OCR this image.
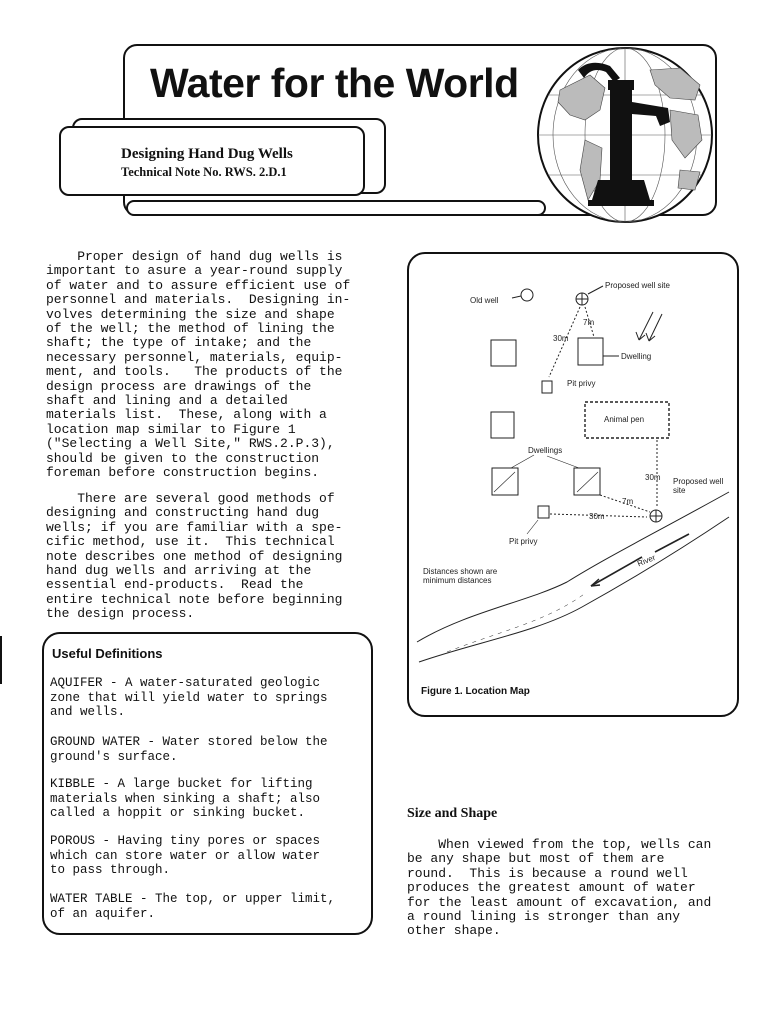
Water for the World
Designing Hand Dug Wells
Technical Note No. RWS. 2.D.1
Proper design of hand dug wells is
important to asure a year-round supply
of water and to assure efficient use of
personnel and materials.  Designing in-
volves determining the size and shape
of the well; the method of lining the
shaft; the type of intake; and the
necessary personnel, materials, equip-
ment, and tools.   The products of the
design process are drawings of the
shaft and lining and a detailed
materials list.  These, along with a
location map similar to Figure 1
("Selecting a Well Site," RWS.2.P.3),
should be given to the construction
foreman before construction begins.
There are several good methods of
designing and constructing hand dug
wells; if you are familiar with a spe-
cific method, use it.  This technical
note describes one method of designing
hand dug wells and arriving at the
essential end-products.  Read the
entire technical note before beginning
the design process.
Useful Definitions
AQUIFER - A water-saturated geologic
zone that will yield water to springs
and wells.
GROUND WATER - Water stored below the
ground's surface.
KIBBLE - A large bucket for lifting
materials when sinking a shaft; also
called a hoppit or sinking bucket.
POROUS - Having tiny pores or spaces
which can store water or allow water
to pass through.
WATER TABLE - The top, or upper limit,
of an aquifer.
Old well
Proposed well site
7m
30m
Dwelling
Pit privy
Animal pen
Dwellings
30m Proposed well
site
7m
30m
Pit privy
River
Distances shown are
minimum distances
Figure 1. Location Map
Size and Shape
When viewed from the top, wells can
be any shape but most of them are
round.  This is because a round well
produces the greatest amount of water
for the least amount of excavation, and
a round lining is stronger than any
other shape.
